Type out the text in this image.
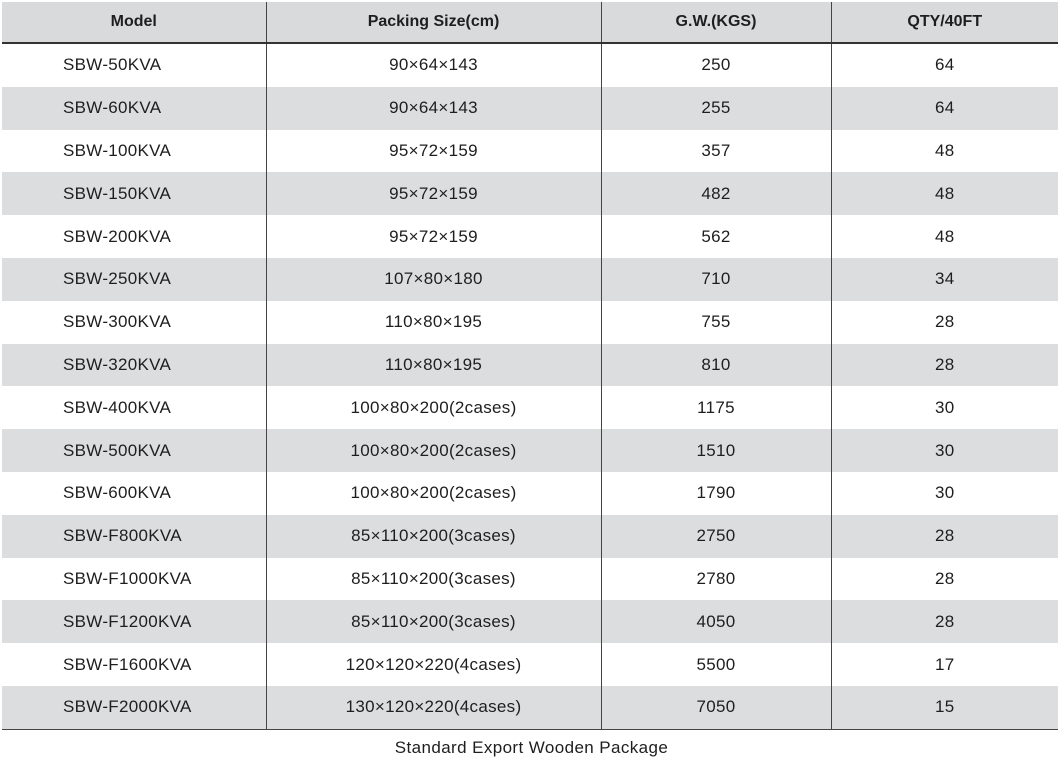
Model	Packing Size(cm)	G.W.(KGS)	QTY/40FT
SBW-50KVA	90×64×143	250	64
SBW-60KVA	90×64×143	255	64
SBW-100KVA	95×72×159	357	48
SBW-150KVA	95×72×159	482	48
SBW-200KVA	95×72×159	562	48
SBW-250KVA	107×80×180	710	34
SBW-300KVA	110×80×195	755	28
SBW-320KVA	110×80×195	810	28
SBW-400KVA	100×80×200(2cases)	1175	30
SBW-500KVA	100×80×200(2cases)	1510	30
SBW-600KVA	100×80×200(2cases)	1790	30
SBW-F800KVA	85×110×200(3cases)	2750	28
SBW-F1000KVA	85×110×200(3cases)	2780	28
SBW-F1200KVA	85×110×200(3cases)	4050	28
SBW-F1600KVA	120×120×220(4cases)	5500	17
SBW-F2000KVA	130×120×220(4cases)	7050	15
Standard Export Wooden Package
